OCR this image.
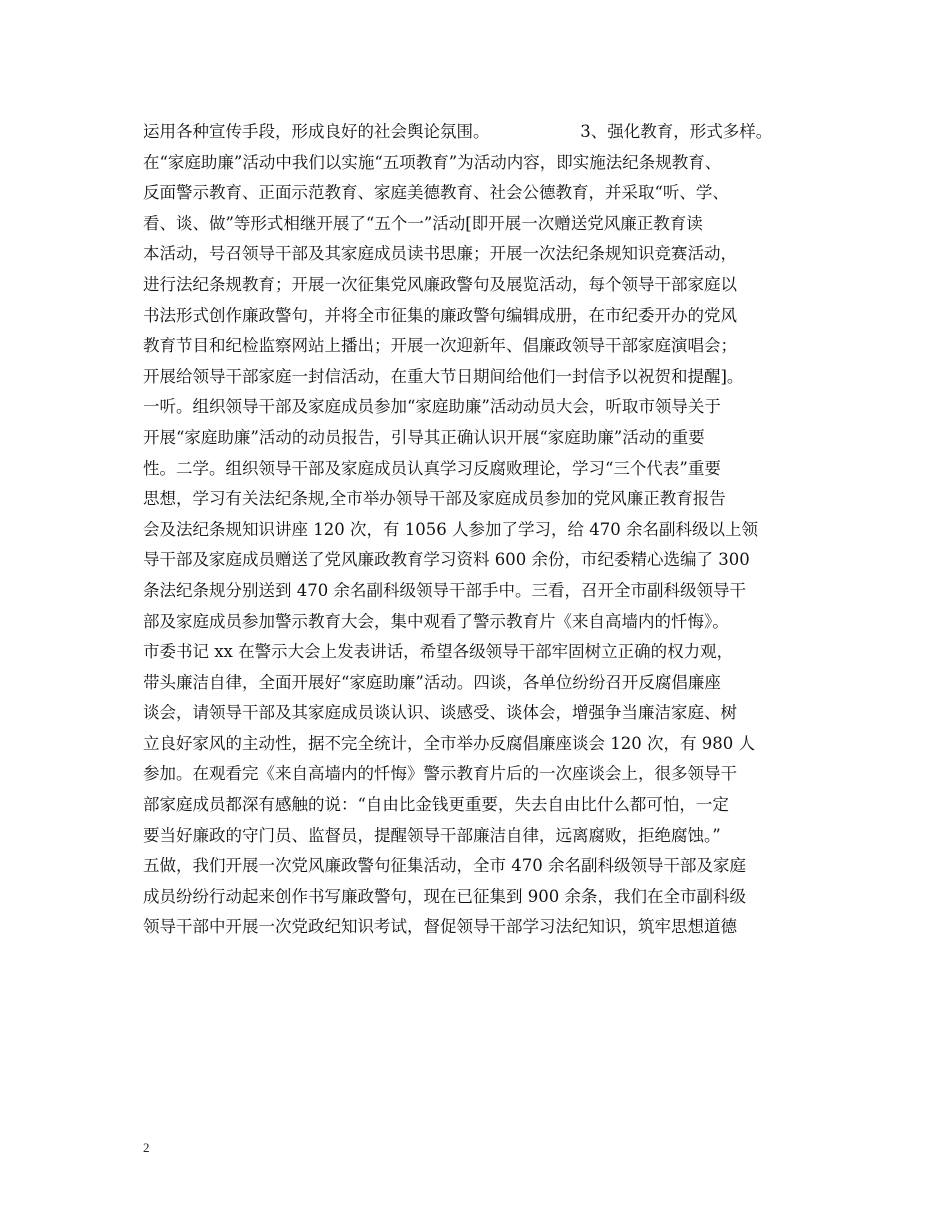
运用各种宣传手段，形成良好的社会舆论氛围。　　　　　　3、强化教育，形式多样。
在“家庭助廉”活动中我们以实施“五项教育”为活动内容，即实施法纪条规教育、
反面警示教育、正面示范教育、家庭美德教育、社会公德教育，并采取“听、学、
看、谈、做”等形式相继开展了“五个一”活动[即开展一次赠送党风廉正教育读
本活动，号召领导干部及其家庭成员读书思廉；开展一次法纪条规知识竞赛活动，
进行法纪条规教育；开展一次征集党风廉政警句及展览活动，每个领导干部家庭以
书法形式创作廉政警句，并将全市征集的廉政警句编辑成册，在市纪委开办的党风
教育节目和纪检监察网站上播出；开展一次迎新年、倡廉政领导干部家庭演唱会；
开展给领导干部家庭一封信活动，在重大节日期间给他们一封信予以祝贺和提醒]。
一听。组织领导干部及家庭成员参加“家庭助廉”活动动员大会，听取市领导关于
开展“家庭助廉”活动的动员报告，引导其正确认识开展“家庭助廉”活动的重要
性。二学。组织领导干部及家庭成员认真学习反腐败理论，学习“三个代表”重要
思想，学习有关法纪条规,全市举办领导干部及家庭成员参加的党风廉正教育报告
会及法纪条规知识讲座 120 次，有 1056 人参加了学习，给 470 余名副科级以上领
导干部及家庭成员赠送了党风廉政教育学习资料 600 余份，市纪委精心选编了 300
条法纪条规分别送到 470 余名副科级领导干部手中。三看，召开全市副科级领导干
部及家庭成员参加警示教育大会，集中观看了警示教育片《来自高墙内的忏悔》。
市委书记 xx 在警示大会上发表讲话，希望各级领导干部牢固树立正确的权力观，
带头廉洁自律，全面开展好“家庭助廉”活动。四谈，各单位纷纷召开反腐倡廉座
谈会，请领导干部及其家庭成员谈认识、谈感受、谈体会，增强争当廉洁家庭、树
立良好家风的主动性，据不完全统计，全市举办反腐倡廉座谈会 120 次，有 980 人
参加。在观看完《来自高墙内的忏悔》警示教育片后的一次座谈会上，很多领导干
部家庭成员都深有感触的说：“自由比金钱更重要，失去自由比什么都可怕，一定
要当好廉政的守门员、监督员，提醒领导干部廉洁自律，远离腐败，拒绝腐蚀。”
五做，我们开展一次党风廉政警句征集活动，全市 470 余名副科级领导干部及家庭
成员纷纷行动起来创作书写廉政警句，现在已征集到 900 余条，我们在全市副科级
领导干部中开展一次党政纪知识考试，督促领导干部学习法纪知识，筑牢思想道德
2
